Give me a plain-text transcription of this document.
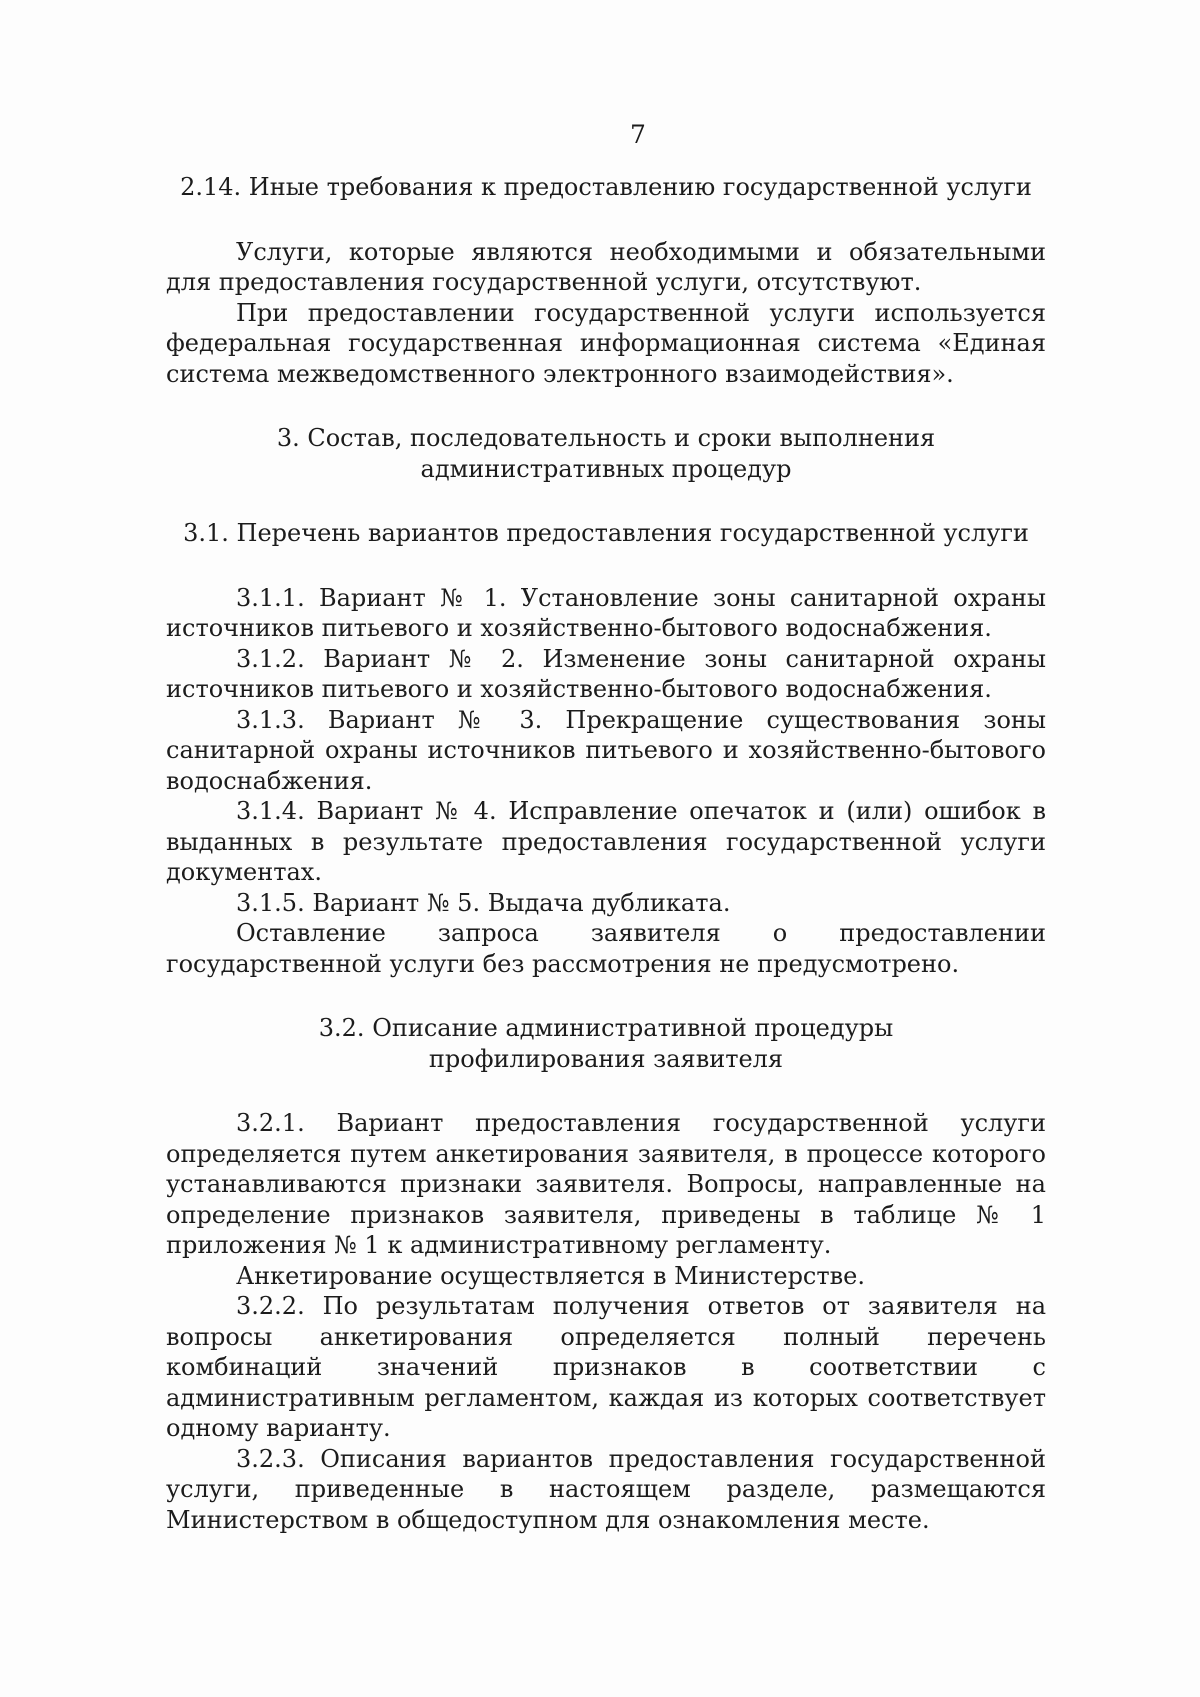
7

2.14. Иные требования к предоставлению государственной услуги

Услуги, которые являются необходимыми и обязательными для предоставления государственной услуги, отсутствуют.

При предоставлении государственной услуги используется федеральная государственная информационная система «Единая система межведомственного электронного взаимодействия».

3. Состав, последовательность и сроки выполнения

административных процедур

3.1. Перечень вариантов предоставления государственной услуги

3.1.1. Вариант № 1. Установление зоны санитарной охраны источников питьевого и хозяйственно-бытового водоснабжения.

3.1.2. Вариант № 2. Изменение зоны санитарной охраны источников питьевого и хозяйственно-бытового водоснабжения.

3.1.3. Вариант № 3. Прекращение существования зоны санитарной охраны источников питьевого и хозяйственно-бытового водоснабжения.

3.1.4. Вариант № 4. Исправление опечаток и (или) ошибок в выданных в результате предоставления государственной услуги документах.

3.1.5. Вариант № 5. Выдача дубликата.

Оставление запроса заявителя о предоставлении государственной услуги без рассмотрения не предусмотрено.

3.2. Описание административной процедуры

профилирования заявителя

3.2.1. Вариант предоставления государственной услуги определяется путем анкетирования заявителя, в процессе которого устанавливаются признаки заявителя. Вопросы, направленные на определение признаков заявителя, приведены в таблице № 1 приложения № 1 к административному регламенту.

Анкетирование осуществляется в Министерстве.

3.2.2. По результатам получения ответов от заявителя на вопросы анкетирования определяется полный перечень комбинаций значений признаков в соответствии с административным регламентом, каждая из которых соответствует одному варианту.

3.2.3. Описания вариантов предоставления государственной услуги, приведенные в настоящем разделе, размещаются Министерством в общедоступном для ознакомления месте.
